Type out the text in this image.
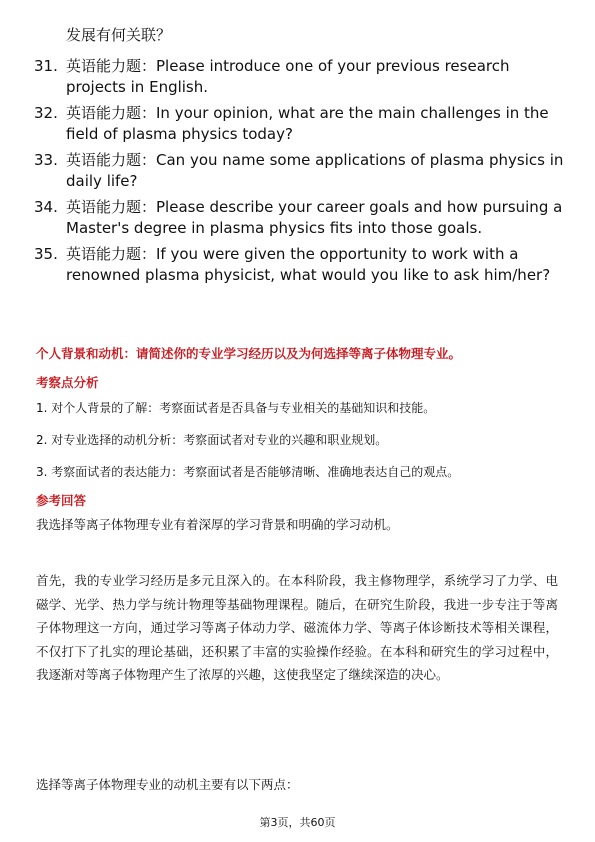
发展有何关联？
31. 英语能力题：Please introduce one of your previous research projects in English.
32. 英语能力题：In your opinion, what are the main challenges in the field of plasma physics today?
33. 英语能力题：Can you name some applications of plasma physics in daily life?
34. 英语能力题：Please describe your career goals and how pursuing a Master's degree in plasma physics fits into those goals.
35. 英语能力题：If you were given the opportunity to work with a renowned plasma physicist, what would you like to ask him/her?
个人背景和动机：请简述你的专业学习经历以及为何选择等离子体物理专业。
考察点分析
1. 对个人背景的了解：考察面试者是否具备与专业相关的基础知识和技能。
2. 对专业选择的动机分析：考察面试者对专业的兴趣和职业规划。
3. 考察面试者的表达能力：考察面试者是否能够清晰、准确地表达自己的观点。
参考回答
我选择等离子体物理专业有着深厚的学习背景和明确的学习动机。
首先，我的专业学习经历是多元且深入的。在本科阶段，我主修物理学，系统学习了力学、电磁学、光学、热力学与统计物理等基础物理课程。随后，在研究生阶段，我进一步专注于等离子体物理这一方向，通过学习等离子体动力学、磁流体力学、等离子体诊断技术等相关课程，不仅打下了扎实的理论基础，还积累了丰富的实验操作经验。在本科和研究生的学习过程中，我逐渐对等离子体物理产生了浓厚的兴趣，这使我坚定了继续深造的决心。
选择等离子体物理专业的动机主要有以下两点：
第3页，共60页
